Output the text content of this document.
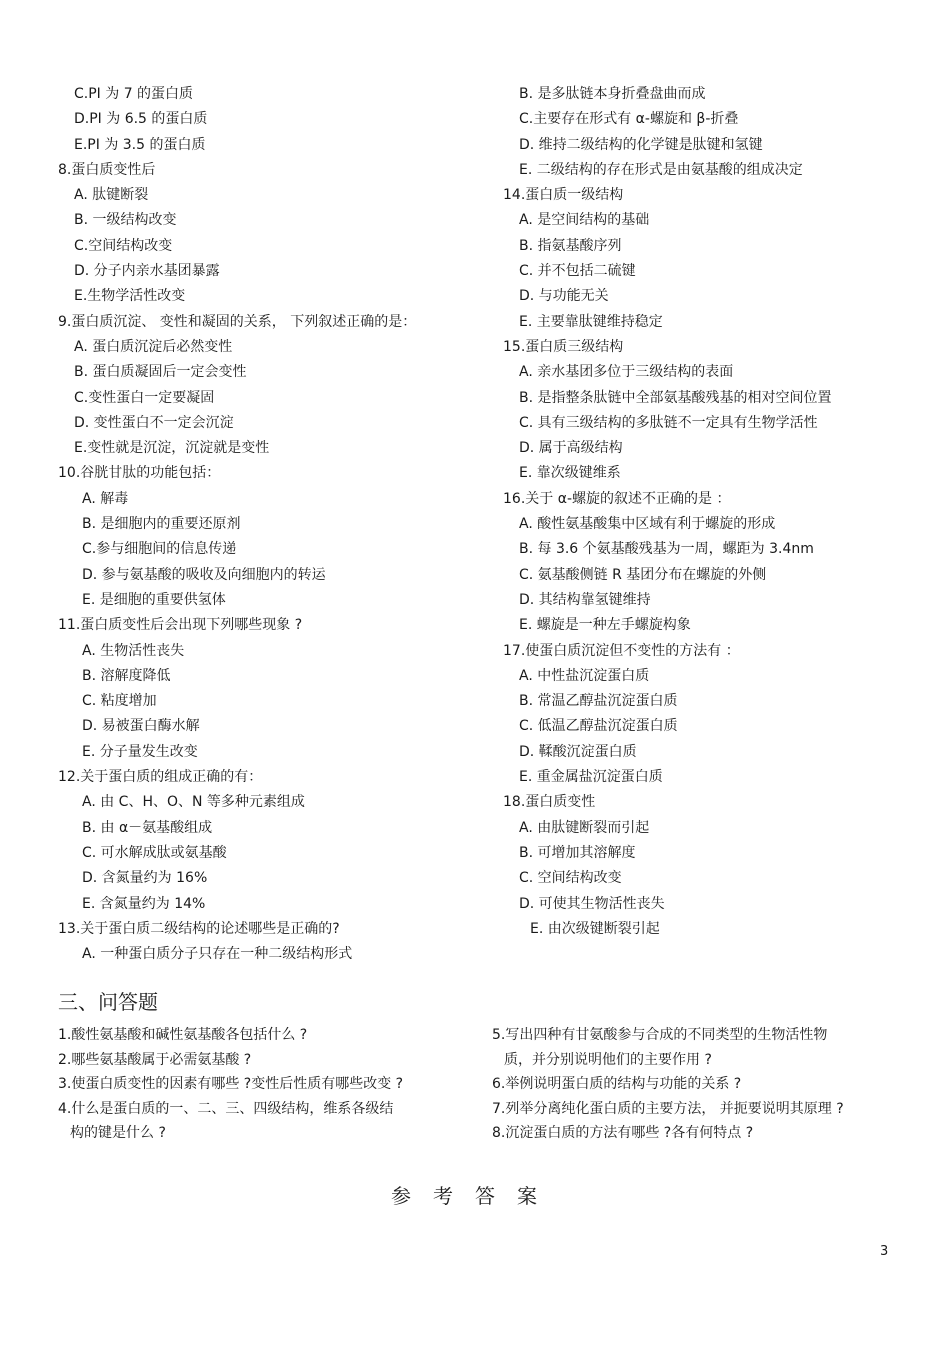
C.PI 为 7 的蛋白质
D.PI 为 6.5 的蛋白质
E.PI 为 3.5 的蛋白质
8.蛋白质变性后
A. 肽键断裂
B. 一级结构改变
C.空间结构改变
D. 分子内亲水基团暴露
E.生物学活性改变
9.蛋白质沉淀、 变性和凝固的关系， 下列叙述正确的是：
A. 蛋白质沉淀后必然变性
B. 蛋白质凝固后一定会变性
C.变性蛋白一定要凝固
D. 变性蛋白不一定会沉淀
E.变性就是沉淀，沉淀就是变性
10.谷胱甘肽的功能包括：
A. 解毒
B. 是细胞内的重要还原剂
C.参与细胞间的信息传递
D. 参与氨基酸的吸收及向细胞内的转运
E. 是细胞的重要供氢体
11.蛋白质变性后会出现下列哪些现象 ?
A. 生物活性丧失
B. 溶解度降低
C. 粘度增加
D. 易被蛋白酶水解
E. 分子量发生改变
12.关于蛋白质的组成正确的有：
A. 由 C、H、O、N 等多种元素组成
B. 由 α－氨基酸组成
C. 可水解成肽或氨基酸
D. 含氮量约为 16%
E. 含氮量约为 14%
13.关于蛋白质二级结构的论述哪些是正确的?
A. 一种蛋白质分子只存在一种二级结构形式
B. 是多肽链本身折叠盘曲而成
C.主要存在形式有 α-螺旋和 β-折叠
D. 维持二级结构的化学键是肽键和氢键
E. 二级结构的存在形式是由氨基酸的组成决定
14.蛋白质一级结构
A. 是空间结构的基础
B. 指氨基酸序列
C. 并不包括二硫键
D. 与功能无关
E. 主要靠肽键维持稳定
15.蛋白质三级结构
A. 亲水基团多位于三级结构的表面
B. 是指整条肽链中全部氨基酸残基的相对空间位置
C. 具有三级结构的多肽链不一定具有生物学活性
D. 属于高级结构
E. 靠次级键维系
16.关于 α-螺旋的叙述不正确的是 ：
A. 酸性氨基酸集中区域有利于螺旋的形成
B. 每 3.6 个氨基酸残基为一周，螺距为 3.4nm
C. 氨基酸侧链 R 基团分布在螺旋的外侧
D. 其结构靠氢键维持
E. 螺旋是一种左手螺旋构象
17.使蛋白质沉淀但不变性的方法有 ：
A. 中性盐沉淀蛋白质
B. 常温乙醇盐沉淀蛋白质
C. 低温乙醇盐沉淀蛋白质
D. 鞣酸沉淀蛋白质
E. 重金属盐沉淀蛋白质
18.蛋白质变性
A. 由肽键断裂而引起
B. 可增加其溶解度
C. 空间结构改变
D. 可使其生物活性丧失
E. 由次级键断裂引起
三、问答题
1.酸性氨基酸和碱性氨基酸各包括什么 ?
2.哪些氨基酸属于必需氨基酸 ?
3.使蛋白质变性的因素有哪些 ?变性后性质有哪些改变 ?
4.什么是蛋白质的一、二、三、四级结构，维系各级结
构的键是什么 ?
5.写出四种有甘氨酸参与合成的不同类型的生物活性物
质，并分别说明他们的主要作用 ?
6.举例说明蛋白质的结构与功能的关系 ?
7.列举分离纯化蛋白质的主要方法， 并扼要说明其原理 ?
8.沉淀蛋白质的方法有哪些 ?各有何特点 ?
参考答案
3
